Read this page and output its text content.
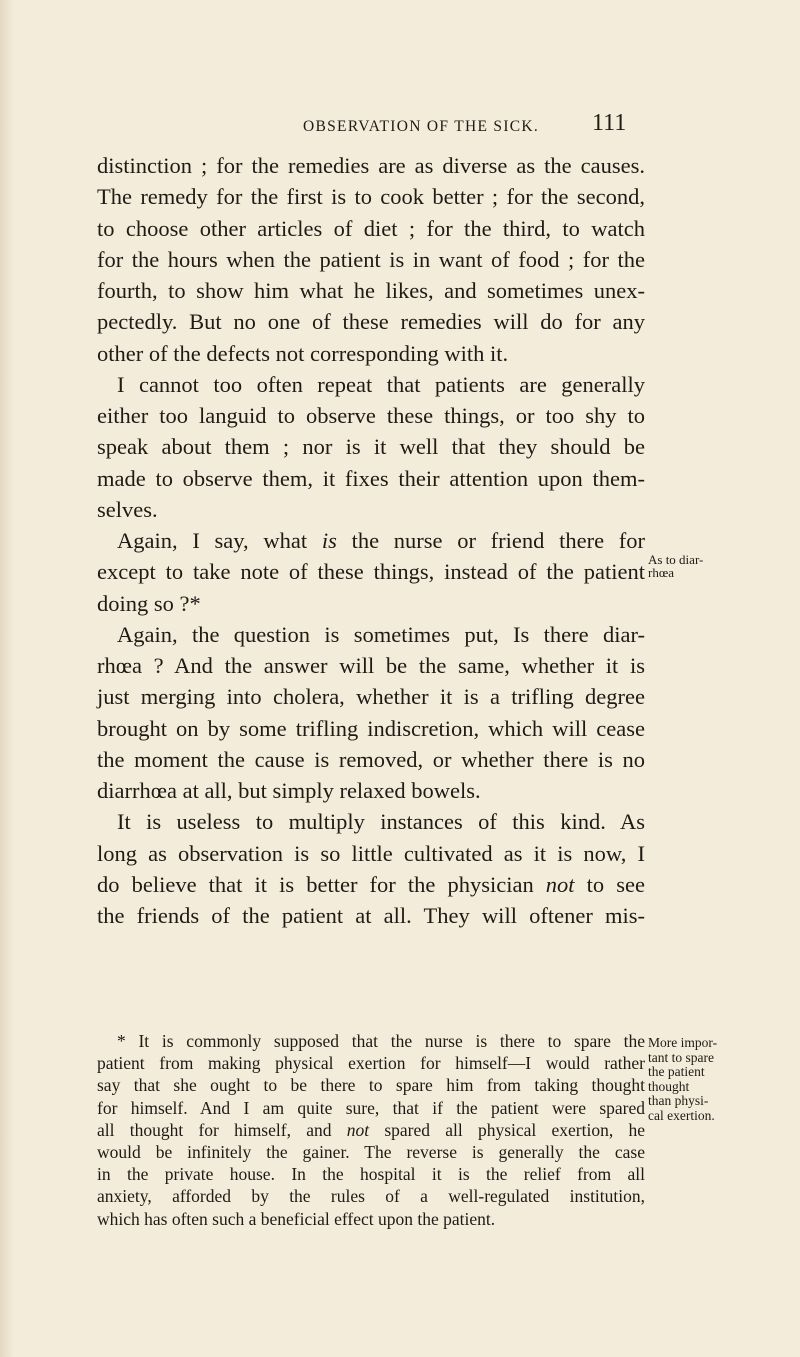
OBSERVATION OF THE SICK. 111
distinction ; for the remedies are as diverse as the causes.
The remedy for the first is to cook better ; for the second,
to choose other articles of diet ; for the third, to watch
for the hours when the patient is in want of food ; for the
fourth, to show him what he likes, and sometimes unex-
pectedly. But no one of these remedies will do for any
other of the defects not corresponding with it.
I cannot too often repeat that patients are generally
either too languid to observe these things, or too shy to
speak about them ; nor is it well that they should be
made to observe them, it fixes their attention upon them-
selves.
Again, I say, what is the nurse or friend there for
except to take note of these things, instead of the patient
doing so ?*
Again, the question is sometimes put, Is there diar-
rhœa ? And the answer will be the same, whether it is
just merging into cholera, whether it is a trifling degree
brought on by some trifling indiscretion, which will cease
the moment the cause is removed, or whether there is no
diarrhœa at all, but simply relaxed bowels.
It is useless to multiply instances of this kind. As
long as observation is so little cultivated as it is now, I
do believe that it is better for the physician not to see
the friends of the patient at all. They will oftener mis-
As to diar-
rhœa
* It is commonly supposed that the nurse is there to spare the
patient from making physical exertion for himself—I would rather
say that she ought to be there to spare him from taking thought
for himself. And I am quite sure, that if the patient were spared
all thought for himself, and not spared all physical exertion, he
would be infinitely the gainer. The reverse is generally the case
in the private house. In the hospital it is the relief from all
anxiety, afforded by the rules of a well-regulated institution,
which has often such a beneficial effect upon the patient.
More impor-
tant to spare
the patient
thought
than physi-
cal exertion.
